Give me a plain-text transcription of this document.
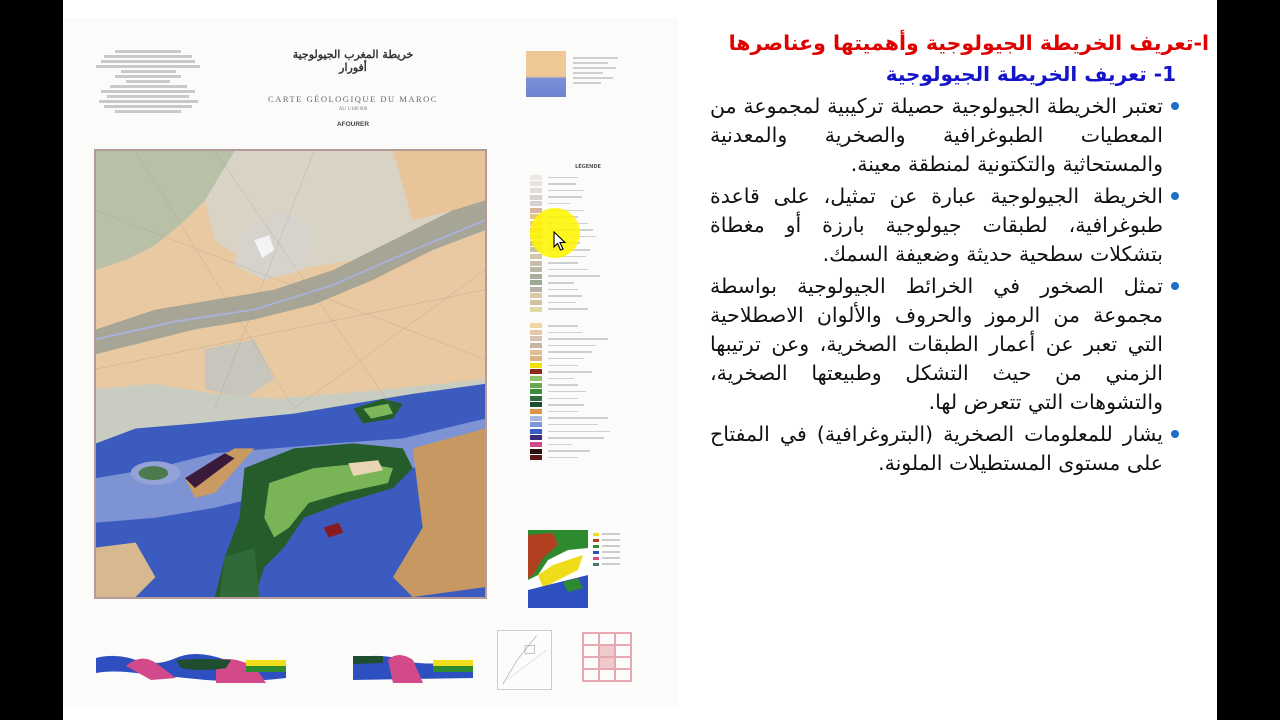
خريطة المغرب الجيولوجية
أفورار
CARTE GÉOLOGIQUE DU MAROC
AU 1/100 000
AFOURER
LÉGENDE
ا-تعريف الخريطة الجيولوجية وأهميتها وعناصرها
1- تعريف الخريطة الجيولوجية
تعتبر الخريطة الجيولوجية حصيلة تركيبية لمجموعة من المعطيات الطبوغرافية والصخرية والمعدنية والمستحاثية والتكتونية لمنطقة معينة.
الخريطة الجيولوجية عبارة عن تمثيل، على قاعدة طبوغرافية، لطبقات جيولوجية بارزة أو مغطاة بتشكلات سطحية حديثة وضعيفة السمك.
تمثل الصخور في الخرائط الجيولوجية بواسطة مجموعة من الرموز والحروف والألوان الاصطلاحية التي تعبر عن أعمار الطبقات الصخرية، وعن ترتيبها الزمني من حيث التشكل وطبيعتها الصخرية، والتشوهات التي تتعرض لها.
يشار للمعلومات الصخرية (البتروغرافية) في المفتاح على مستوى المستطيلات الملونة.
